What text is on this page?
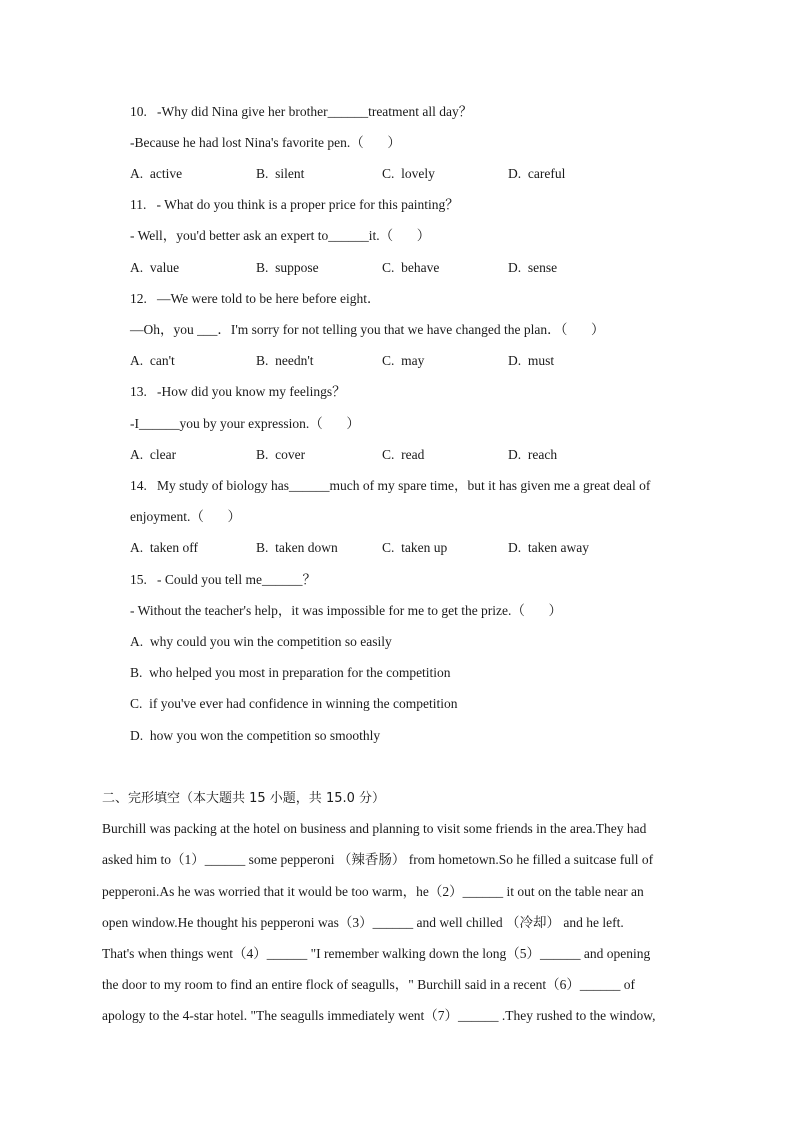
10.   -Why did Nina give her brother______treatment all day？
-Because he had lost Nina's favorite pen.（       ）
A.  active	B.  silent	C.  lovely	D.  careful
11.   - What do you think is a proper price for this painting？
- Well，you'd better ask an expert to______it.（       ）
A.  value	B.  suppose	C.  behave	D.  sense
12.   —We were told to be here before eight．
—Oh，you ___．I'm sorry for not telling you that we have changed the plan．（       ）
A.  can't	B.  needn't	C.  may	D.  must
13.   -How did you know my feelings？
-I______you by your expression.（       ）
A.  clear	B.  cover	C.  read	D.  reach
14.   My study of biology has______much of my spare time，but it has given me a great deal of
enjoyment.（       ）
A.  taken off	B.  taken down	C.  taken up	D.  taken away
15.   - Could you tell me______？
- Without the teacher's help，it was impossible for me to get the prize.（       ）
A.  why could you win the competition so easily
B.  who helped you most in preparation for the competition
C.  if you've ever had confidence in winning the competition
D.  how you won the competition so smoothly
二、完形填空（本大题共 15 小题，共 15.0 分）
Burchill was packing at the hotel on business and planning to visit some friends in the area.They had
asked him to（1）______ some pepperoni （辣香肠） from hometown.So he filled a suitcase full of
pepperoni.As he was worried that it would be too warm，he（2）______ it out on the table near an
open window.He thought his pepperoni was（3）______ and well chilled （冷却） and he left.
That's when things went（4）______ "I remember walking down the long（5）______ and opening
the door to my room to find an entire flock of seagulls，" Burchill said in a recent（6）______ of
apology to the 4-star hotel. "The seagulls immediately went（7）______ .They rushed to the window,
